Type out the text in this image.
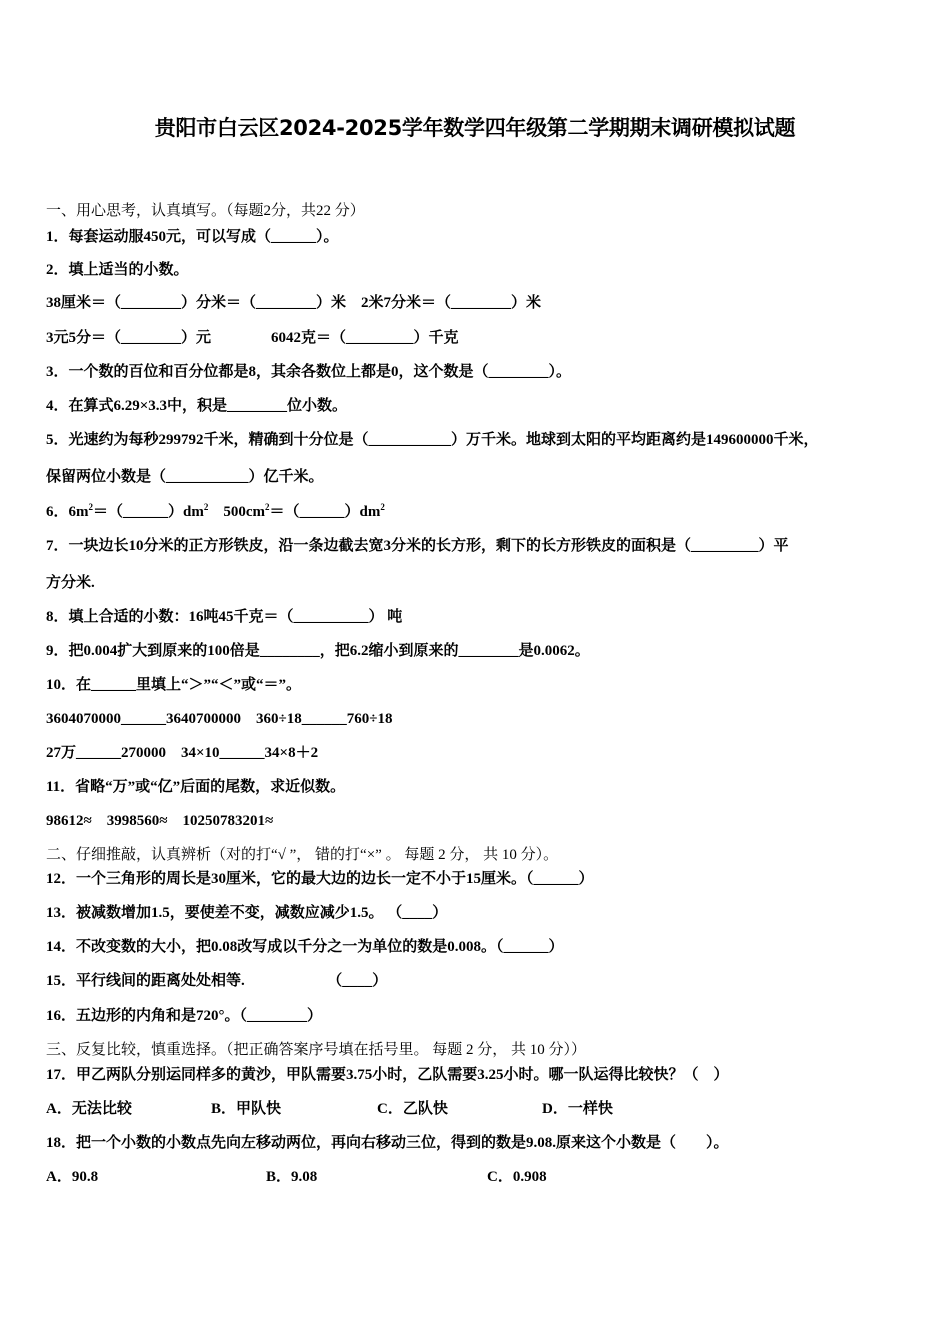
贵阳市白云区2024-2025学年数学四年级第二学期期末调研模拟试题
一、用心思考，认真填写。（每题2分，共22 分）
1．每套运动服450元，可以写成（______）。
2．填上适当的小数。
38厘米＝（________）分米＝（________）米　2米7分米＝（________）米
3元5分＝（________）元　　　　6042克＝（_________）千克
3．一个数的百位和百分位都是8，其余各数位上都是0，这个数是（________）。
4．在算式6.29×3.3中，积是________位小数。
5．光速约为每秒299792千米，精确到十分位是（___________）万千米。地球到太阳的平均距离约是149600000千米，
保留两位小数是（___________）亿千米。
6．$6m^2=(\_\_\_\_\_\_)dm^2$　$500cm^2=(\_\_\_\_\_\_)dm^2$
7．一块边长10分米的正方形铁皮，沿一条边截去宽3分米的长方形，剩下的长方形铁皮的面积是（_________）平
方分米.
8．填上合适的小数：16吨45千克＝（__________） 吨
9．把0.004扩大到原来的100倍是________，把6.2缩小到原来的________是0.0062。
10．在______里填上“＞”“＜”或“＝”。
3604070000______3640700000　360÷18______760÷18
27万______270000　34×10______34×8＋2
11．省略“万”或“亿”后面的尾数，求近似数。
98612≈　3998560≈　10250783201≈
二、仔细推敲，认真辨析（对的打“√ ”， 错的打“×” 。 每题 2 分， 共 10 分）。
12．一个三角形的周长是30厘米，它的最大边的边长一定不小于15厘米。（______）
13．被减数增加1.5，要使差不变，减数应减少1.5。 （____）
14．不改变数的大小，把0.08改写成以千分之一为单位的数是0.008。（______）
15．平行线间的距离处处相等.　　　　　　（____）
16．五边形的内角和是720°。（________）
三、反复比较，慎重选择。（把正确答案序号填在括号里。 每题 2 分， 共 10 分））
17．甲乙两队分别运同样多的黄沙，甲队需要3.75小时，乙队需要3.25小时。哪一队运得比较快？（　）
A．无法比较	B．甲队快	C．乙队快	D．一样快
18．把一个小数的小数点先向左移动两位，再向右移动三位，得到的数是9.08.原来这个小数是（　　）。
A．90.8	B．9.08	C．0.908
